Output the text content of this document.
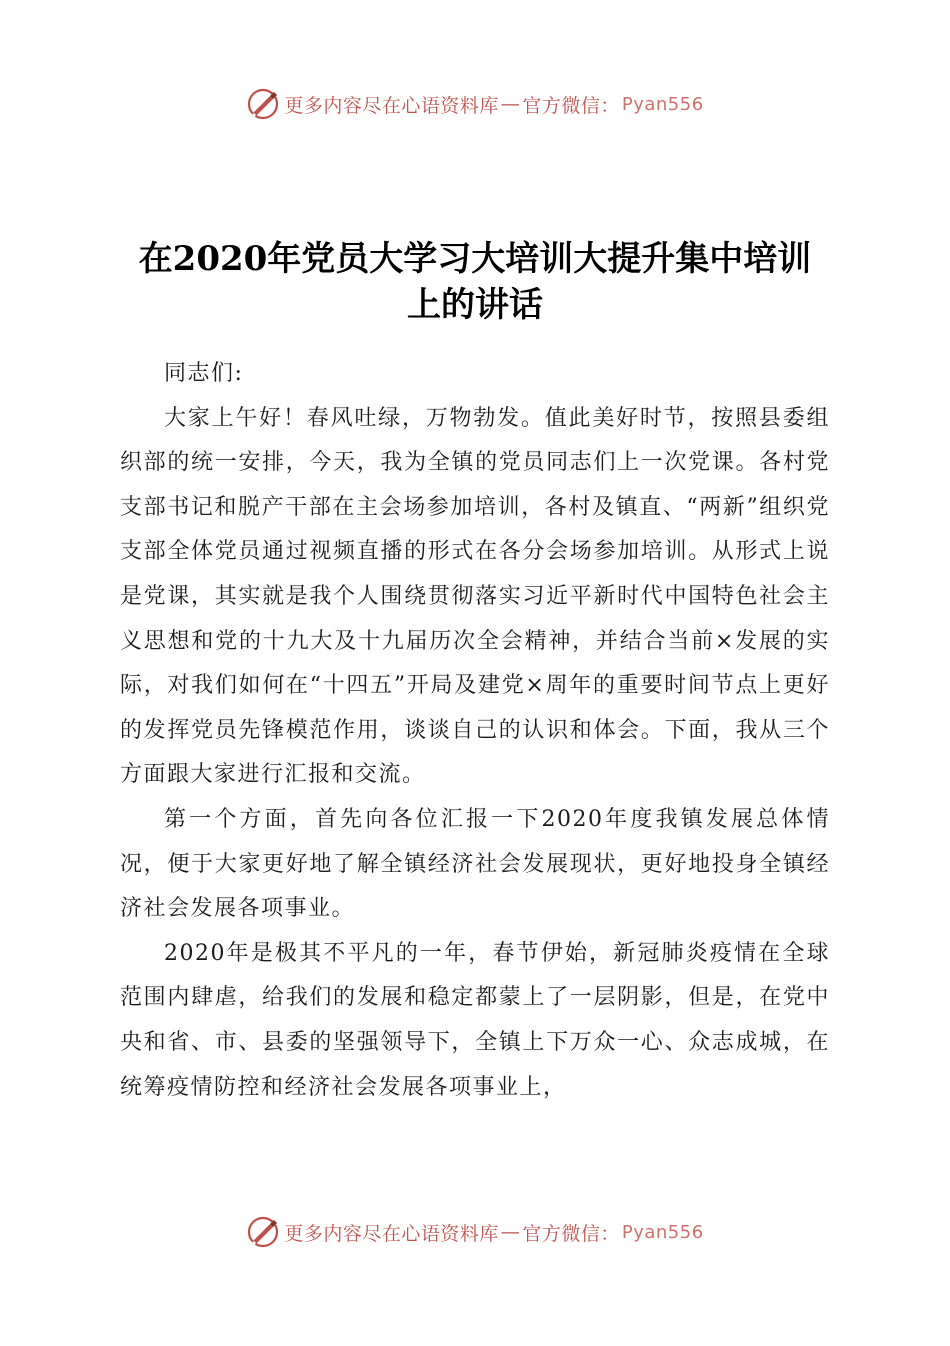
更多内容尽在心语资料库 — 官方微信： Pyan556
在2020年党员大学习大培训大提升集中培训
上的讲话

同志们:

大家上午好！春风吐绿，万物勃发。值此美好时节，按照县委组织部的统一安排，今天，我为全镇的党员同志们上一次党课。各村党支部书记和脱产干部在主会场参加培训，各村及镇直、“两新”组织党支部全体党员通过视频直播的形式在各分会场参加培训。从形式上说是党课，其实就是我个人围绕贯彻落实习近平新时代中国特色社会主义思想和党的十九大及十九届历次全会精神，并结合当前×发展的实际，对我们如何在“十四五”开局及建党×周年的重要时间节点上更好的发挥党员先锋模范作用，谈谈自己的认识和体会。下面，我从三个方面跟大家进行汇报和交流。

第一个方面，首先向各位汇报一下2020年度我镇发展总体情况，便于大家更好地了解全镇经济社会发展现状，更好地投身全镇经济社会发展各项事业。

2020年是极其不平凡的一年，春节伊始，新冠肺炎疫情在全球范围内肆虐，给我们的发展和稳定都蒙上了一层阴影，但是，在党中央和省、市、县委的坚强领导下，全镇上下万众一心、众志成城，在统筹疫情防控和经济社会发展各项事业上，

更多内容尽在心语资料库 — 官方微信： Pyan556
